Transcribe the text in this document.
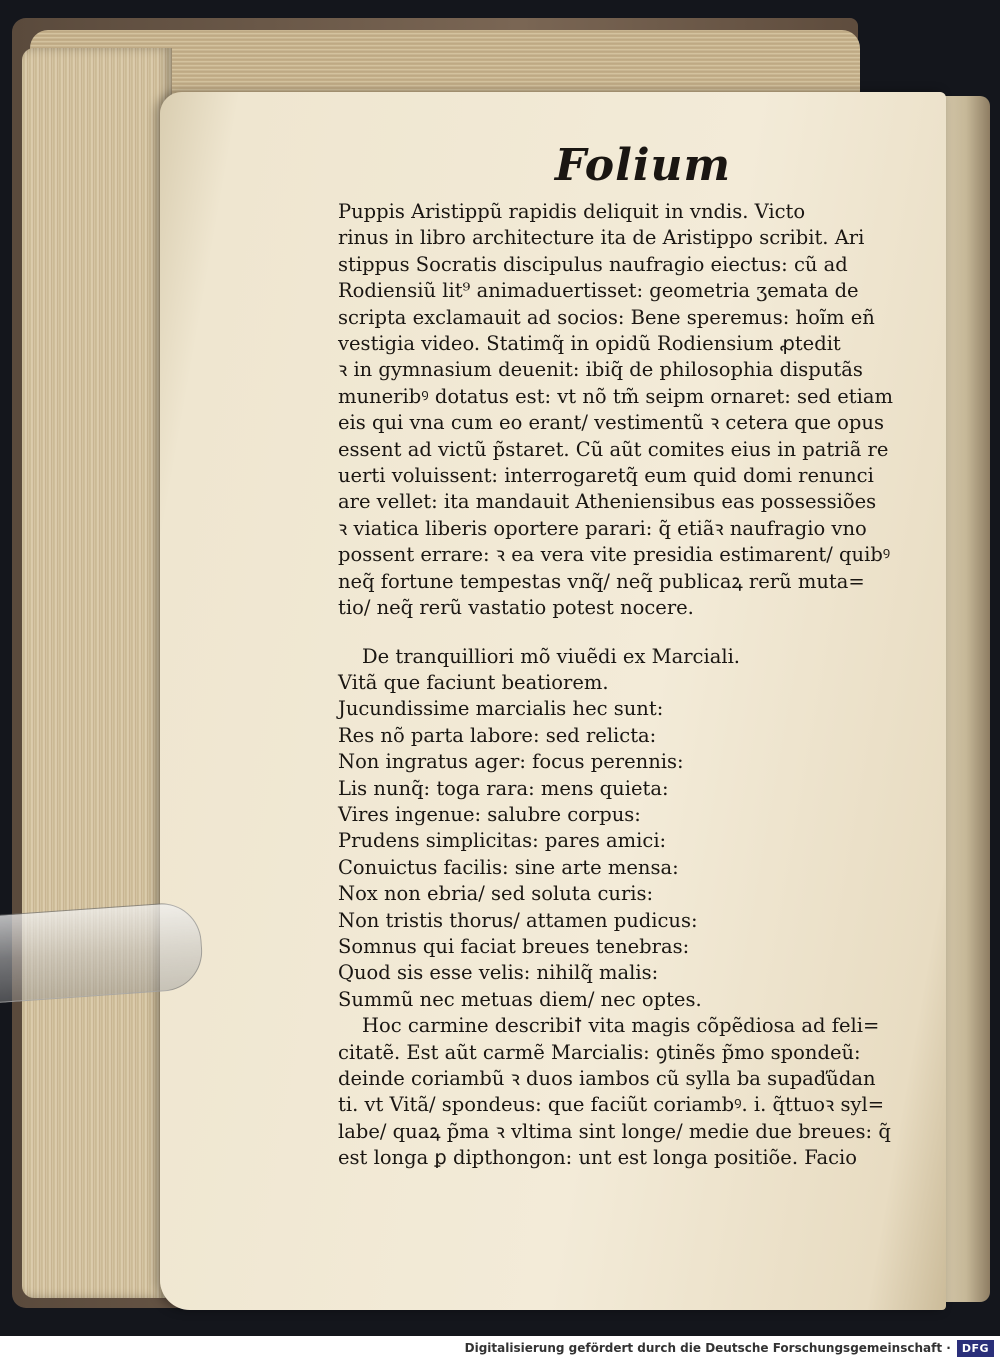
Folium
Puppis Aristippũ rapidis deliquit in vndis. Victo
rinus in libro architecture ita de Aristippo scribit. Ari
stippus Socratis discipulus naufragio eiectus: cũ ad
Rodiensiũ lit⁹ animaduertisset: geometria ʒemata de
scripta exclamauit ad socios: Bene speremus: hoĩm eñ
vestigia video. Statimq̃ in opidũ Rodiensium ꝓtedit
ꝛ in gymnasium deuenit: ibiq̃ de philosophia disputãs
muneribꝰ dotatus est: vt nõ tm̃ seipm ornaret: sed etiam
eis qui vna cum eo erant/ vestimentũ ꝛ cetera que opus
essent ad victũ p̃staret. Cũ aũt comites eius in patriã re
uerti voluissent: interrogaretq̃ eum quid domi renunci
are vellet: ita mandauit Atheniensibus eas possessiões
ꝛ viatica liberis oportere parari: q̃ etiãꝛ naufragio vno
possent errare: ꝛ ea vera vite presidia estimarent/ quibꝰ
neq̃ fortune tempestas vnq̃/ neq̃ publicaꝝ rerũ muta=
tio/ neq̃ rerũ vastatio potest nocere.
De tranquilliori mõ viuẽdi ex Marciali.
Vitã que faciunt beatiorem.
Jucundissime marcialis hec sunt:
Res nõ parta labore: sed relicta:
Non ingratus ager: focus perennis:
Lis nunq̃: toga rara: mens quieta:
Vires ingenue: salubre corpus:
Prudens simplicitas: pares amici:
Conuictus facilis: sine arte mensa:
Nox non ebria/ sed soluta curis:
Non tristis thorus/ attamen pudicus:
Somnus qui faciat breues tenebras:
Quod sis esse velis: nihilq̃ malis:
Summũ nec metuas diem/ nec optes.
Hoc carmine describiꝉ vita magis cõpẽdiosa ad feli=
citatẽ. Est aũt carmẽ Marcialis: ꝯtinẽs p̃mo spondeũ:
deinde coriambũ ꝛ duos iambos cũ sylla ba supaďũdan
ti. vt Vitã/ spondeus: que faciũt coriambꝰ. i. q̃ttuoꝛ syl=
labe/ quaꝝ p̃ma ꝛ vltima sint longe/ medie due breues: q̃
est longa ꝑ dipthongon: unt est longa positiõe. Facio
Digitalisierung gefördert durch die Deutsche Forschungsgemeinschaft ·	DFG
